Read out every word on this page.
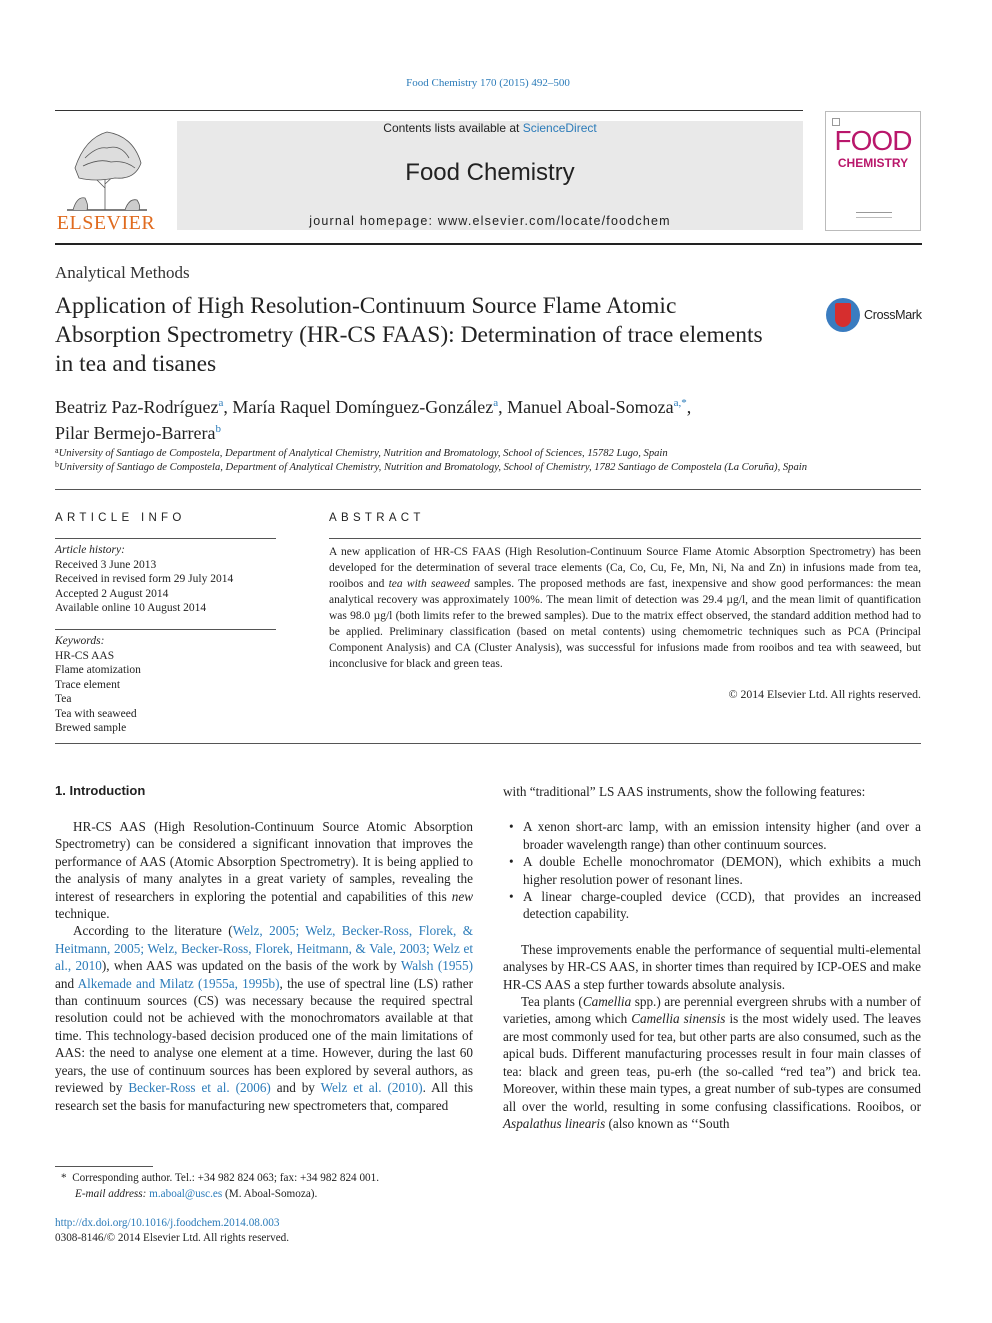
Food Chemistry 170 (2015) 492–500
ELSEVIER
Contents lists available at ScienceDirect
Food Chemistry
journal homepage: www.elsevier.com/locate/foodchem
FOOD
CHEMISTRY
Analytical Methods
Application of High Resolution-Continuum Source Flame Atomic Absorption Spectrometry (HR-CS FAAS): Determination of trace elements in tea and tisanes
CrossMark
Beatriz Paz-Rodríguez$^a$, María Raquel Domínguez-González$^a$, Manuel Aboal-Somoza$^{a,*}$,
Pilar Bermejo-Barrera$^b$
$^a$University of Santiago de Compostela, Department of Analytical Chemistry, Nutrition and Bromatology, School of Sciences, 15782 Lugo, Spain
$^b$University of Santiago de Compostela, Department of Analytical Chemistry, Nutrition and Bromatology, School of Chemistry, 1782 Santiago de Compostela (La Coruña), Spain
ARTICLE INFO
Article history:
Received 3 June 2013
Received in revised form 29 July 2014
Accepted 2 August 2014
Available online 10 August 2014
Keywords:
HR-CS AAS
Flame atomization
Trace element
Tea
Tea with seaweed
Brewed sample
ABSTRACT
A new application of HR-CS FAAS (High Resolution-Continuum Source Flame Atomic Absorption Spectrometry) has been developed for the determination of several trace elements (Ca, Co, Cu, Fe, Mn, Ni, Na and Zn) in infusions made from tea, rooibos and tea with seaweed samples. The proposed methods are fast, inexpensive and show good performances: the mean analytical recovery was approximately 100%. The mean limit of detection was 29.4 µg/l, and the mean limit of quantification was 98.0 µg/l (both limits refer to the brewed samples). Due to the matrix effect observed, the standard addition method had to be applied. Preliminary classification (based on metal contents) using chemometric techniques such as PCA (Principal Component Analysis) and CA (Cluster Analysis), was successful for infusions made from rooibos and tea with seaweed, but inconclusive for black and green teas.
© 2014 Elsevier Ltd. All rights reserved.
1. Introduction

HR-CS AAS (High Resolution-Continuum Source Atomic Absorption Spectrometry) can be considered a significant innovation that improves the performance of AAS (Atomic Absorption Spectrometry). It is being applied to the analysis of many analytes in a great variety of samples, revealing the interest of researchers in exploring the potential and capabilities of this new technique.

According to the literature (Welz, 2005; Welz, Becker-Ross, Florek, & Heitmann, 2005; Welz, Becker-Ross, Florek, Heitmann, & Vale, 2003; Welz et al., 2010), when AAS was updated on the basis of the work by Walsh (1955) and Alkemade and Milatz (1955a, 1995b), the use of spectral line (LS) rather than continuum sources (CS) was necessary because the required spectral resolution could not be achieved with the monochromators available at that time. This technology-based decision produced one of the main limitations of AAS: the need to analyse one element at a time. However, during the last 60 years, the use of continuum sources has been explored by several authors, as reviewed by Becker-Ross et al. (2006) and by Welz et al. (2010). All this research set the basis for manufacturing new spectrometers that, compared

with “traditional” LS AAS instruments, show the following features:

• A xenon short-arc lamp, with an emission intensity higher (and over a broader wavelength range) than other continuum sources.
• A double Echelle monochromator (DEMON), which exhibits a much higher resolution power of resonant lines.
• A linear charge-coupled device (CCD), that provides an increased detection capability.

These improvements enable the performance of sequential multi-elemental analyses by HR-CS AAS, in shorter times than required by ICP-OES and make HR-CS AAS a step further towards absolute analysis.

Tea plants (Camellia spp.) are perennial evergreen shrubs with a number of varieties, among which Camellia sinensis is the most widely used. The leaves are most commonly used for tea, but other parts are also consumed, such as the apical buds. Different manufacturing processes result in four main classes of tea: black and green teas, pu-erh (the so-called “red tea”) and brick tea. Moreover, within these main types, a great number of sub-types are consumed all over the world, resulting in some confusing classifications. Rooibos, or Aspalathus linearis (also known as ‘‘South

*  Corresponding author. Tel.: +34 982 824 063; fax: +34 982 824 001.
E-mail address: m.aboal@usc.es (M. Aboal-Somoza).
http://dx.doi.org/10.1016/j.foodchem.2014.08.003
0308-8146/© 2014 Elsevier Ltd. All rights reserved.
